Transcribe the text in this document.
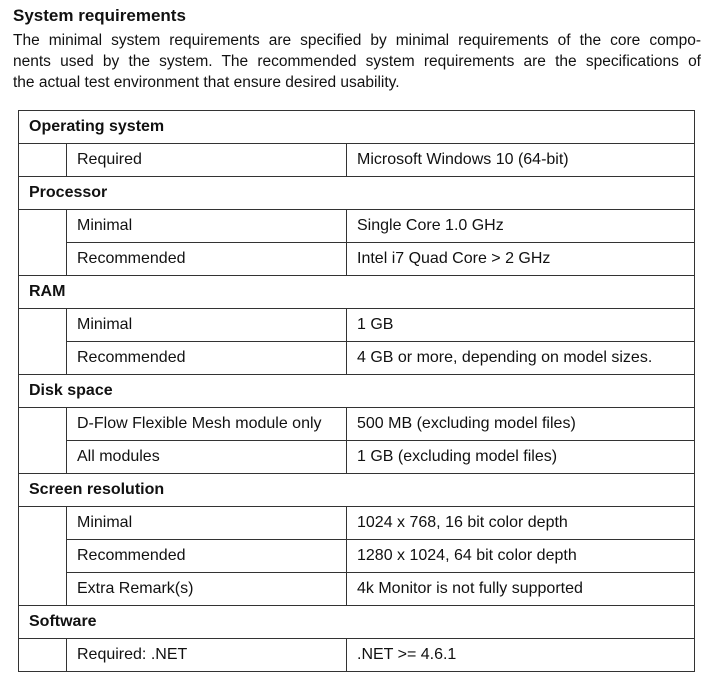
System requirements

The minimal system requirements are specified by minimal requirements of the core compo-
nents used by the system. The recommended system requirements are the specifications of
the actual test environment that ensure desired usability.

Operating system		
	Required	Microsoft Windows 10 (64-bit)
Processor		
	Minimal	Single Core 1.0 GHz
	Recommended	Intel i7 Quad Core > 2 GHz
RAM		
	Minimal	1 GB
	Recommended	4 GB or more, depending on model sizes.
Disk space		
	D-Flow Flexible Mesh module only	500 MB (excluding model files)
	All modules	1 GB (excluding model files)
Screen resolution		
	Minimal	1024 x 768, 16 bit color depth
	Recommended	1280 x 1024, 64 bit color depth
	Extra Remark(s)	4k Monitor is not fully supported
Software		
	Required: .NET	.NET >= 4.6.1
